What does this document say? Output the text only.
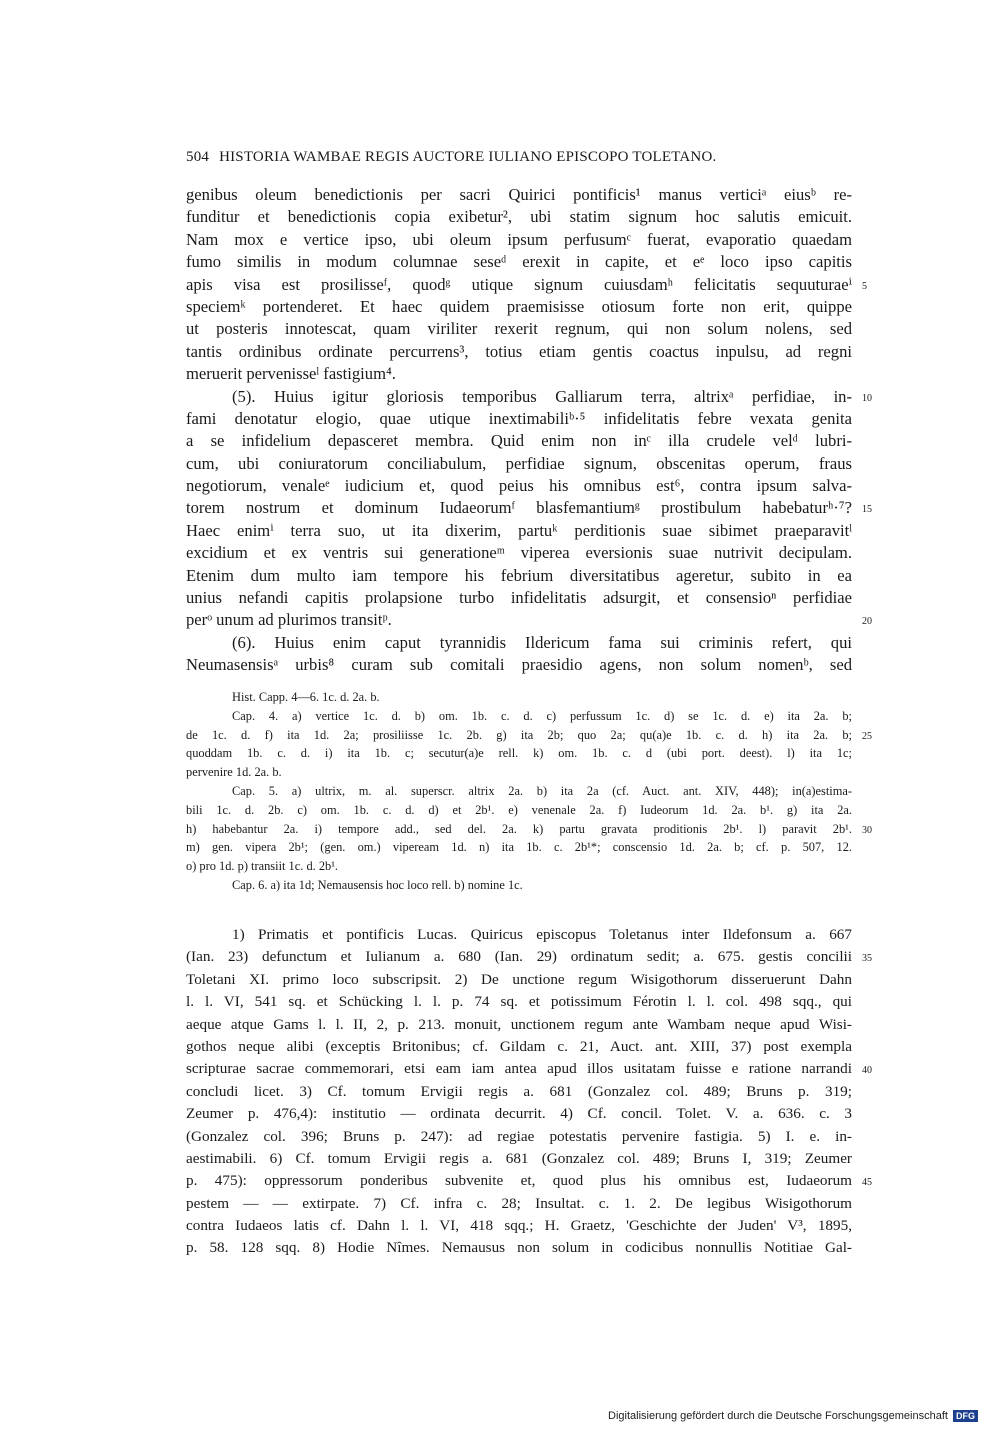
504 HISTORIA WAMBAE REGIS AUCTORE IULIANO EPISCOPO TOLETANO.
genibus oleum benedictionis per sacri Quirici pontificis¹ manus verticiᵃ eiusᵇ re-
funditur et benedictionis copia exibetur², ubi statim signum hoc salutis emicuit.
Nam mox e vertice ipso, ubi oleum ipsum perfusumᶜ fuerat, evaporatio quaedam
fumo similis in modum columnae seseᵈ erexit in capite, et eᵉ loco ipso capitis
apis visa est prosilisseᶠ, quodᵍ utique signum cuiusdamʰ felicitatis sequuturaeⁱ 5
speciemᵏ portenderet. Et haec quidem praemisisse otiosum forte non erit, quippe
ut posteris innotescat, quam viriliter rexerit regnum, qui non solum nolens, sed
tantis ordinibus ordinate percurrens³, totius etiam gentis coactus inpulsu, ad regni
meruerit pervenisseˡ fastigium⁴.
(5). Huius igitur gloriosis temporibus Galliarum terra, altrixᵃ perfidiae, in- 10
fami denotatur elogio, quae utique inextimabiliᵇ·⁵ infidelitatis febre vexata genita
a se infidelium depasceret membra. Quid enim non inᶜ illa crudele velᵈ lubri-
cum, ubi coniuratorum conciliabulum, perfidiae signum, obscenitas operum, fraus
negotiorum, venaleᵉ iudicium et, quod peius his omnibus est⁶, contra ipsum salva-
torem nostrum et dominum Iudaeorumᶠ blasfemantiumᵍ prostibulum habebaturʰ·⁷? 15
Haec enimⁱ terra suo, ut ita dixerim, partuᵏ perditionis suae sibimet praeparavitˡ
excidium et ex ventris sui generationeᵐ viperea eversionis suae nutrivit decipulam.
Etenim dum multo iam tempore his febrium diversitatibus ageretur, subito in ea
unius nefandi capitis prolapsione turbo infidelitatis adsurgit, et consensioⁿ perfidiae
perᵒ unum ad plurimos transitᵖ.	20
(6). Huius enim caput tyrannidis Ildericum fama sui criminis refert, qui
Neumasensisᵃ urbis⁸ curam sub comitali praesidio agens, non solum nomenᵇ, sed
Hist. Capp. 4—6. 1c. d. 2a. b.
Cap. 4. a) vertice 1c. d. b) om. 1b. c. d. c) perfussum 1c. d) se 1c. d. e) ita 2a. b;
de 1c. d. f) ita 1d. 2a; prosiliisse 1c. 2b. g) ita 2b; quo 2a; qu(a)e 1b. c. d. h) ita 2a. b; 25
quoddam 1b. c. d. i) ita 1b. c; secutur(a)e rell. k) om. 1b. c. d (ubi port. deest). l) ita 1c;
pervenire 1d. 2a. b.
Cap. 5. a) ultrix, m. al. superscr. altrix 2a. b) ita 2a (cf. Auct. ant. XIV, 448); in(a)estima-
bili 1c. d. 2b. c) om. 1b. c. d. d) et 2b¹. e) venenale 2a. f) Iudeorum 1d. 2a. b¹. g) ita 2a.
h) habebantur 2a. i) tempore add., sed del. 2a. k) partu gravata proditionis 2b¹. l) paravit 2b¹. 30
m) gen. vipera 2b¹; (gen. om.) vipeream 1d. n) ita 1b. c. 2b¹*; conscensio 1d. 2a. b; cf. p. 507, 12.
o) pro 1d. p) transiit 1c. d. 2b¹.
Cap. 6. a) ita 1d; Nemausensis hoc loco rell. b) nomine 1c.
1) Primatis et pontificis Lucas. Quiricus episcopus Toletanus inter Ildefonsum a. 667
(Ian. 23) defunctum et Iulianum a. 680 (Ian. 29) ordinatum sedit; a. 675. gestis concilii 35
Toletani XI. primo loco subscripsit. 2) De unctione regum Wisigothorum disseruerunt Dahn
l. l. VI, 541 sq. et Schücking l. l. p. 74 sq. et potissimum Férotin l. l. col. 498 sqq., qui
aeque atque Gams l. l. II, 2, p. 213. monuit, unctionem regum ante Wambam neque apud Wisi-
gothos neque alibi (exceptis Britonibus; cf. Gildam c. 21, Auct. ant. XIII, 37) post exempla
scripturae sacrae commemorari, etsi eam iam antea apud illos usitatam fuisse e ratione narrandi 40
concludi licet. 3) Cf. tomum Ervigii regis a. 681 (Gonzalez col. 489; Bruns p. 319;
Zeumer p. 476,4): institutio — ordinata decurrit. 4) Cf. concil. Tolet. V. a. 636. c. 3
(Gonzalez col. 396; Bruns p. 247): ad regiae potestatis pervenire fastigia. 5) I. e. in-
aestimabili. 6) Cf. tomum Ervigii regis a. 681 (Gonzalez col. 489; Bruns I, 319; Zeumer
p. 475): oppressorum ponderibus subvenite et, quod plus his omnibus est, Iudaeorum 45
pestem — — extirpate. 7) Cf. infra c. 28; Insultat. c. 1. 2. De legibus Wisigothorum
contra Iudaeos latis cf. Dahn l. l. VI, 418 sqq.; H. Graetz, 'Geschichte der Juden' V³, 1895,
p. 58. 128 sqq. 8) Hodie Nîmes. Nemausus non solum in codicibus nonnullis Notitiae Gal-
Digitalisierung gefördert durch die Deutsche Forschungsgemeinschaft DFG
